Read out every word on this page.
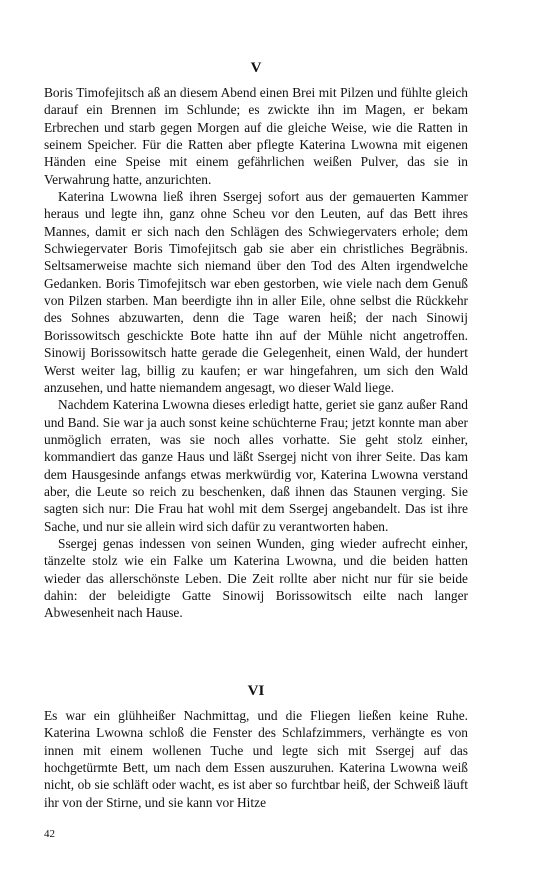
V

Boris Timofejitsch aß an diesem Abend einen Brei mit Pilzen und fühlte gleich darauf ein Brennen im Schlunde; es zwickte ihn im Magen, er bekam Erbrechen und starb gegen Morgen auf die gleiche Weise, wie die Ratten in seinem Speicher. Für die Ratten aber pflegte Katerina Lwowna mit eigenen Händen eine Speise mit einem gefährlichen weißen Pulver, das sie in Verwahrung hatte, anzurichten.

Katerina Lwowna ließ ihren Ssergej sofort aus der gemauerten Kammer heraus und legte ihn, ganz ohne Scheu vor den Leuten, auf das Bett ihres Mannes, damit er sich nach den Schlägen des Schwiegervaters erhole; dem Schwiegervater Boris Timofejitsch gab sie aber ein christliches Begräbnis. Seltsamerweise machte sich niemand über den Tod des Alten irgendwelche Gedanken. Boris Timofejitsch war eben gestorben, wie viele nach dem Genuß von Pilzen starben. Man beerdigte ihn in aller Eile, ohne selbst die Rückkehr des Sohnes abzuwarten, denn die Tage waren heiß; der nach Sinowij Borissowitsch geschickte Bote hatte ihn auf der Mühle nicht angetroffen. Sinowij Borissowitsch hatte gerade die Gelegenheit, einen Wald, der hundert Werst weiter lag, billig zu kaufen; er war hingefahren, um sich den Wald anzusehen, und hatte niemandem angesagt, wo dieser Wald liege.

Nachdem Katerina Lwowna dieses erledigt hatte, geriet sie ganz außer Rand und Band. Sie war ja auch sonst keine schüchterne Frau; jetzt konnte man aber unmöglich erraten, was sie noch alles vorhatte. Sie geht stolz einher, kommandiert das ganze Haus und läßt Ssergej nicht von ihrer Seite. Das kam dem Hausgesinde anfangs etwas merkwürdig vor, Katerina Lwowna verstand aber, die Leute so reich zu beschenken, daß ihnen das Staunen verging. Sie sagten sich nur: Die Frau hat wohl mit dem Ssergej angebandelt. Das ist ihre Sache, und nur sie allein wird sich dafür zu verantworten haben.

Ssergej genas indessen von seinen Wunden, ging wieder aufrecht einher, tänzelte stolz wie ein Falke um Katerina Lwowna, und die beiden hatten wieder das allerschönste Leben. Die Zeit rollte aber nicht nur für sie beide dahin: der beleidigte Gatte Sinowij Borissowitsch eilte nach langer Abwesenheit nach Hause.

VI

Es war ein glühheißer Nachmittag, und die Fliegen ließen keine Ruhe. Katerina Lwowna schloß die Fenster des Schlafzimmers, verhängte es von innen mit einem wollenen Tuche und legte sich mit Ssergej auf das hochgetürmte Bett, um nach dem Essen auszuruhen. Katerina Lwowna weiß nicht, ob sie schläft oder wacht, es ist aber so furchtbar heiß, der Schweiß läuft ihr von der Stirne, und sie kann vor Hitze

42
